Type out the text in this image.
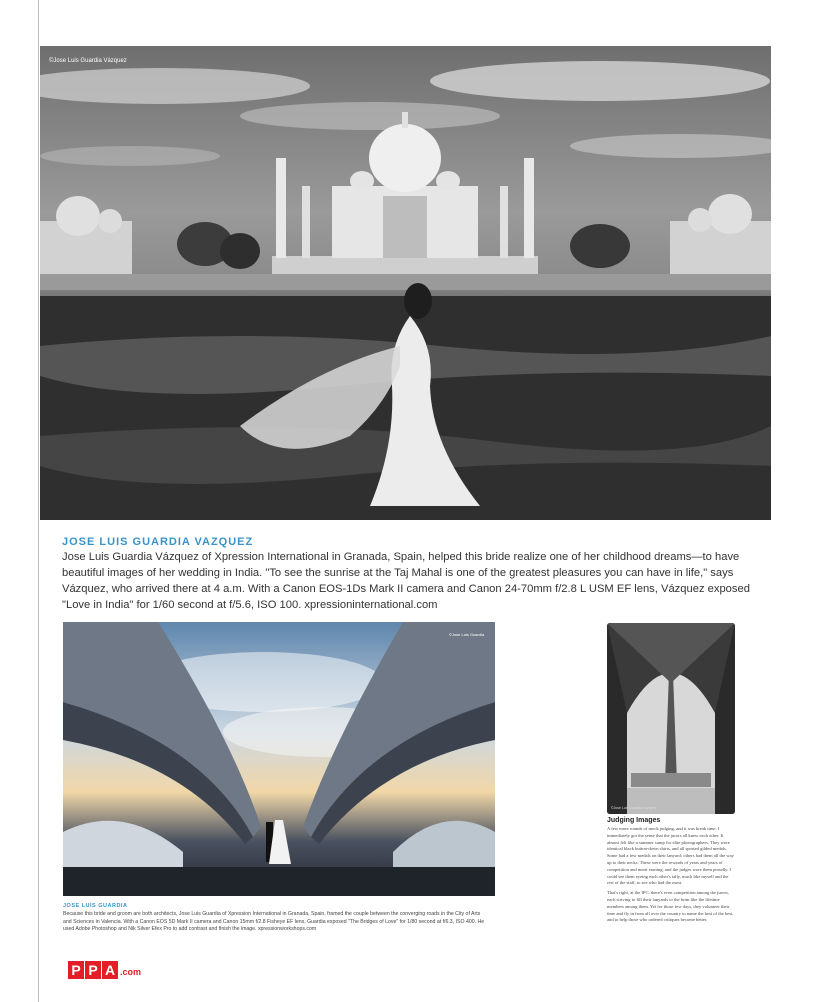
©Jose Luis Guardia Vázquez
JOSE LUIS GUARDIA VAZQUEZ
Jose Luis Guardia Vázquez of Xpression International in Granada, Spain, helped this bride realize one of her childhood dreams—to have beautiful images of her wedding in India. "To see the sunrise at the Taj Mahal is one of the greatest pleasures you can have in life," says Vázquez, who arrived there at 4 a.m. With a Canon EOS-1Ds Mark II camera and Canon 24-70mm f/2.8 L USM EF lens, Vázquez exposed "Love in India" for 1/60 second at f/5.6, ISO 100. xpressioninternational.com
©Jose Luis Guardia
JOSE LUIS GUARDIA
Because this bride and groom are both architects, Jose Luis Guardia of Xpression International in Granada, Spain, framed the couple between the converging roads in the City of Arts and Sciences in Valencia. With a Canon EOS 5D Mark II camera and Canon 15mm f/2.8 Fisheye EF lens, Guardia exposed "The Bridges of Love" for 1/80 second at f/6.3, ISO 400. He used Adobe Photoshop and Nik Silver Efex Pro to add contrast and finish the image. xpressionworkshops.com
©Jose Luis Guardia Vázquez
Judging Images

A few more rounds of mock judging, and it was break time. I immediately got the sense that the jurors all knew each other. It almost felt like a summer camp for elite photographers. They wore identical black button-down shirts, and all sported gilded medals. Some had a few medals on their lanyard; others had them all the way up to their necks. These were the rewards of years and years of competition and merit earning, and the judges wore them proudly. I could see them eyeing each other's tally, much like myself and the rest of the staff, to see who had the most.

That's right, at the IPC, there's even competition among the jurors, each striving to fill their lanyards to the brim like the lifetime members among them. Yet for those few days, they volunteer their time and fly in from all over the country to name the best of the best, and to help those who ordered critiques become better.

P P A .com
